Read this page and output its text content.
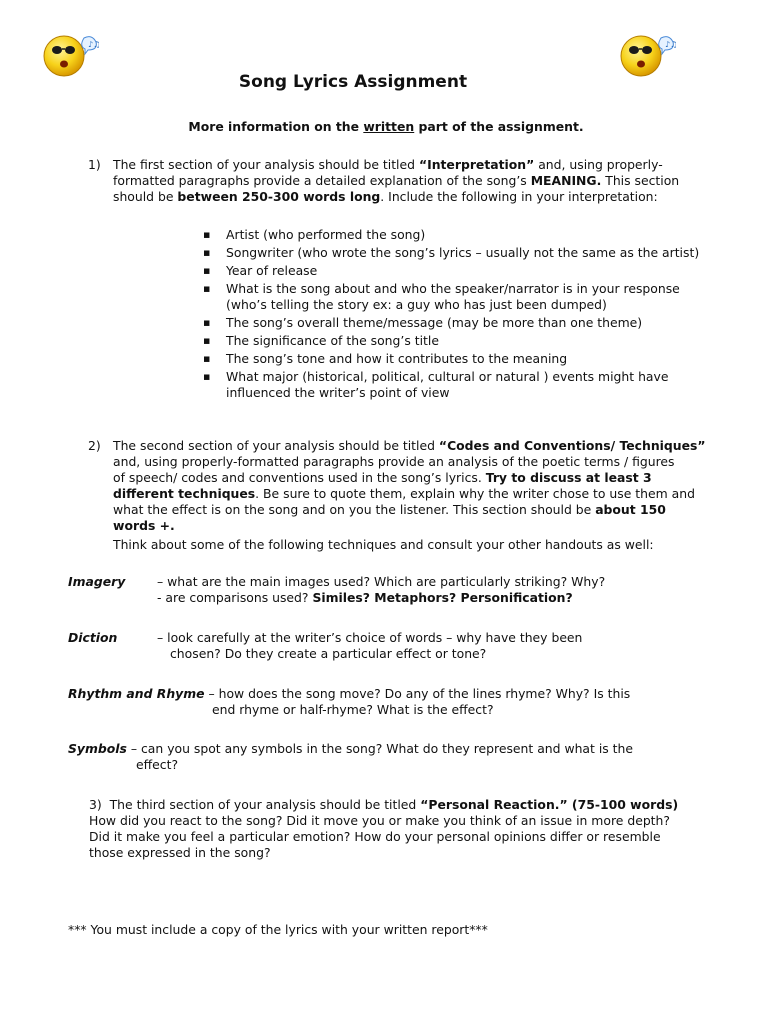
♪♫	♪♫
Song Lyrics Assignment
More information on the written part of the assignment.
1) The first section of your analysis should be titled “Interpretation” and, using properly-
formatted paragraphs provide a detailed explanation of the song’s MEANING. This section
should be between 250-300 words long. Include the following in your interpretation:
▪ Artist (who performed the song)
▪ Songwriter (who wrote the song’s lyrics – usually not the same as the artist)
▪ Year of release
▪ What is the song about and who the speaker/narrator is in your response (who’s telling the story ex: a guy who has just been dumped)
▪ The song’s overall theme/message (may be more than one theme)
▪ The significance of the song’s title
▪ The song’s tone and how it contributes to the meaning
▪ What major (historical, political, cultural or natural ) events might have influenced the writer’s point of view
2) The second section of your analysis should be titled “Codes and Conventions/ Techniques”
and, using properly-formatted paragraphs provide an analysis of the poetic terms / figures
of speech/ codes and conventions used in the song’s lyrics. Try to discuss at least 3
different techniques. Be sure to quote them, explain why the writer chose to use them and
what the effect is on the song and on you the listener. This section should be about 150
words +.
Think about some of the following techniques and consult your other handouts as well:
Imagery	– what are the main images used? Which are particularly striking? Why?
- are comparisons used? Similes? Metaphors? Personification?
Diction	– look carefully at the writer’s choice of words – why have they been
chosen? Do they create a particular effect or tone?
Rhythm and Rhyme – how does the song move? Do any of the lines rhyme? Why? Is this
end rhyme or half-rhyme? What is the effect?
Symbols – can you spot any symbols in the song? What do they represent and what is the
effect?
3) The third section of your analysis should be titled “Personal Reaction.” (75-100 words)
How did you react to the song? Did it move you or make you think of an issue in more depth?
Did it make you feel a particular emotion? How do your personal opinions differ or resemble
those expressed in the song?
*** You must include a copy of the lyrics with your written report***
